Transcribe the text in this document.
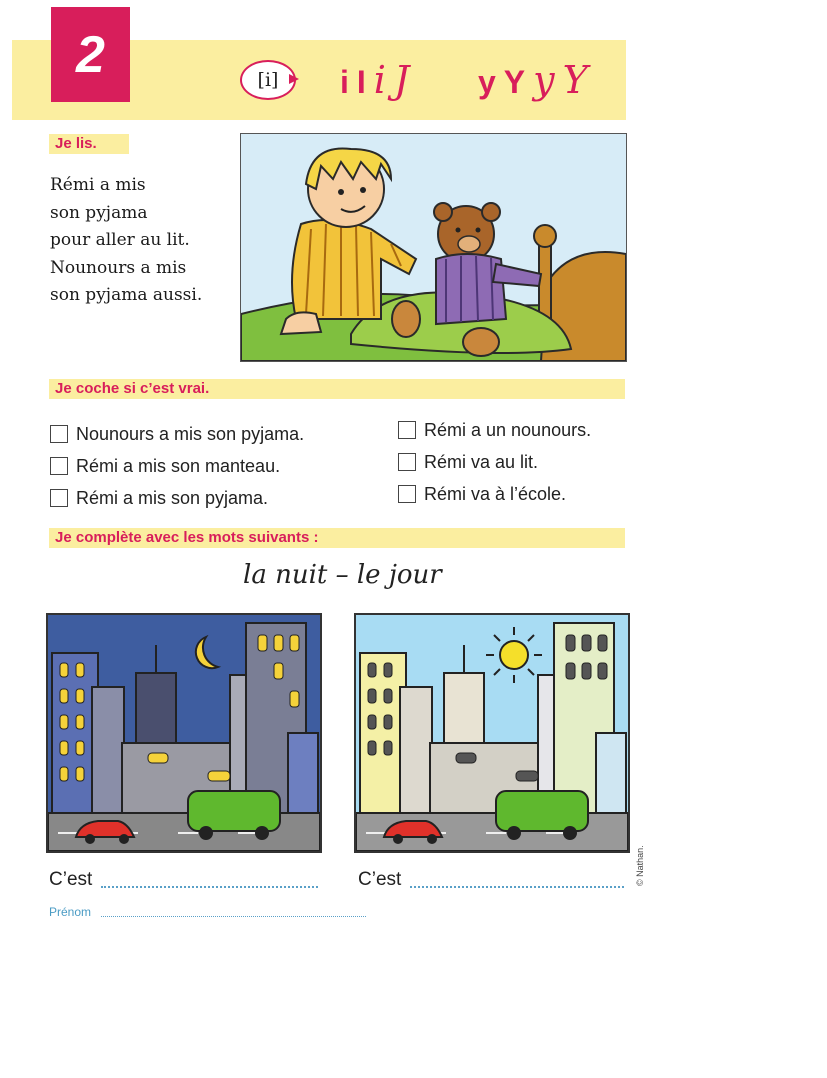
2	[i] i I i J y Y y Y
Je lis.
Rémi a mis
son pyjama
pour aller au lit.
Nounours a mis
son pyjama aussi.
Je coche si c’est vrai.
Nounours a mis son pyjama.
Rémi a mis son manteau.
Rémi a mis son pyjama.
Rémi a un nounours.
Rémi va au lit.
Rémi va à l’école.
Je complète avec les mots suivants :
la nuit – le jour
C’est	C’est
Prénom
© Nathan.
